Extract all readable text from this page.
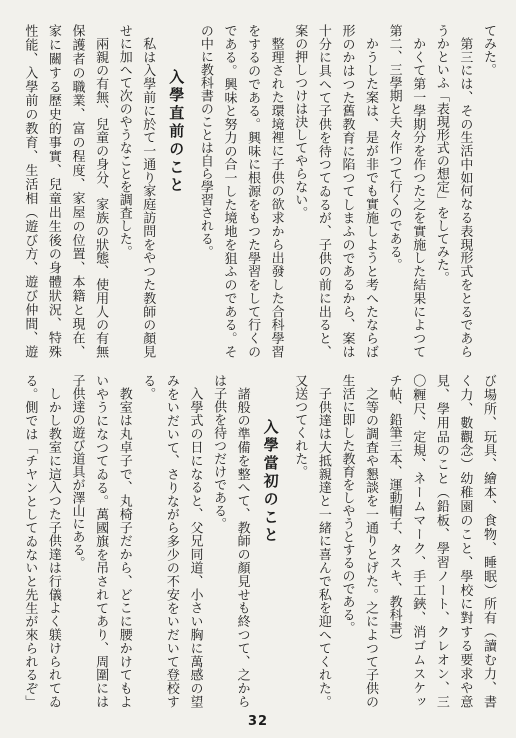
てみた。
第三には、その生活中如何なる表現形式をとるであら
うかといふ「表現形式の想定」をしてみた。
かくて第一學期分を作つた之を實施した結果によつて
第二、三學期と夫々作つて行くのである。
かうした案は、是が非でも實施しようと考へたならば
形のかはつた舊教育に陷つてしまふのであるから、案は
十分に具へて子供を待つてゐるが、子供の前に出ると、
案の押しつけは決してやらない。
整理された環境裡に子供の欲求から出發した合科學習
をするのである。興味に根源をもつた學習をして行くの
である。興味と努力の合一した境地を狙ふのである。そ
の中に教科書のことは自ら學習される。
入學直前のこと
私は入學前に於て一通り家庭訪問をやつた教師の顏見
せに加へて次のやうなことを調査した。
兩親の有無、兒童の身分、家族の狀態、使用人の有無
保護者の職業、富の程度、家屋の位置、本籍と現在、
家に關する歷史的事實、兒童出生後の身體狀況、特殊
性能、入學前の教育、生活相（遊び方、遊び仲間、遊
び場所、玩具、繪本、食物、睡眠）所有（讀む力、書
く力、數觀念）幼稚園のこと、學校に對する要求や意
見、學用品のこと（鉛板、學習ノート、クレオン、三
〇糎尺、定規、ネームマーク、手工鋏、消ゴムスケッ
チ帖、鉛筆三本、運動帽子、タスキ、教科書）
之等の調査や懇談を一通りとげた。之によつて子供の
生活に即した教育をしやうとするのである。
子供達は大抵親達と一緒に喜んで私を迎へてくれた。
又送つてくれた。
入學當初のこと
諸般の準備を整へて、教師の顏見せも終つて、之から
は子供を待つだけである。
入學式の日になると、父兄同道、小さい胸に萬感の望
みをいだいて、さりながら多少の不安をいだいて登校す
る。
教室は丸卓子で、丸椅子だから、どこに腰かけてもよ
いやうになつてゐる。萬國旗を吊されてあり、周圍には
子供達の遊び道具が澤山にある。
しかし教室に這入つた子供達は行儀よく躾けられてゐ
る。側では「チヤンとしてゐないと先生が來られるぞ」
32
